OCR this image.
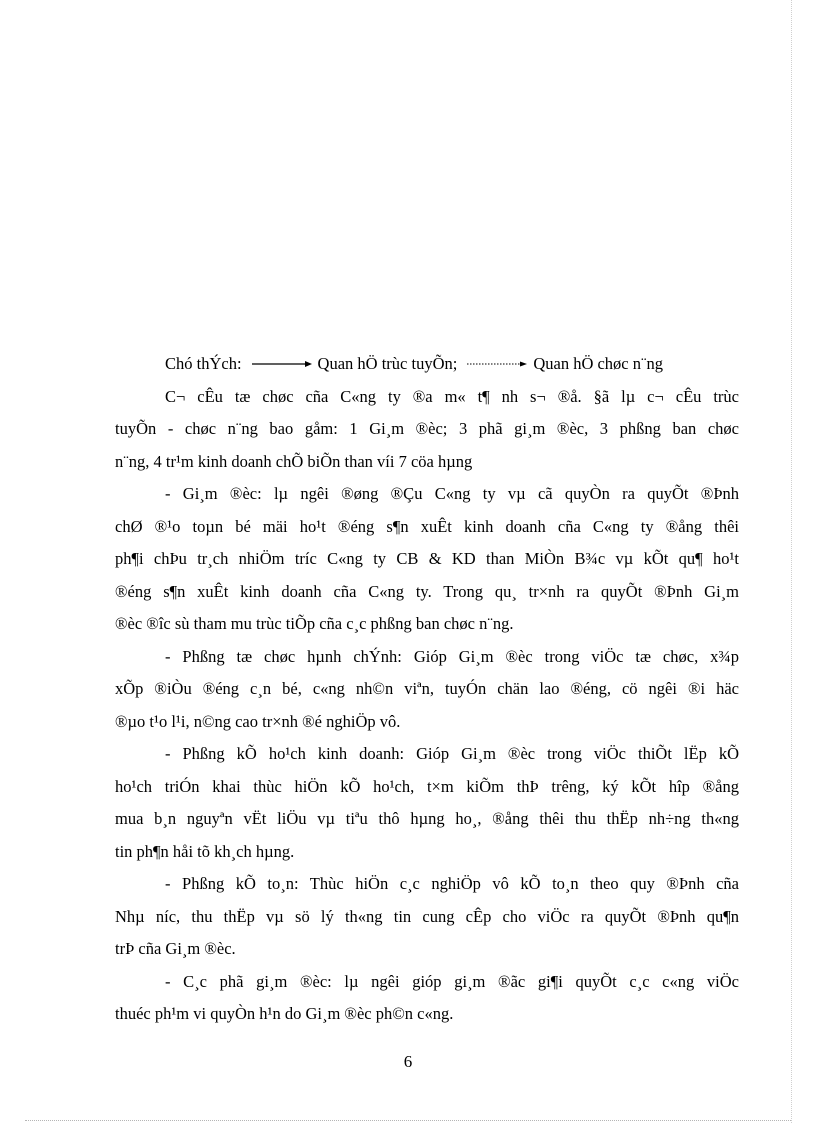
Chó thÝch:	Quan hÖ trùc tuyÕn;	Quan hÖ chøc n¨ng
C¬ cÊu tæ chøc cña C«ng ty ®a m« t¶ nh s¬ ®å. §ã lµ c¬ cÊu trùc
tuyÕn - chøc n¨ng bao gåm: 1 Gi¸m ®èc; 3 phã gi¸m ®èc, 3 phßng ban chøc
n¨ng, 4 tr¹m kinh doanh chÕ biÕn than víi 7 cöa hµng
- Gi¸m ®èc: lµ ngêi ®øng ®Çu C«ng ty vµ cã quyÒn ra quyÕt ®Þnh
chØ ®¹o toµn bé mäi ho¹t ®éng s¶n xuÊt kinh doanh cña C«ng ty ®ång thêi
ph¶i chÞu tr¸ch nhiÖm tríc C«ng ty CB & KD than MiÒn B¾c vµ kÕt qu¶ ho¹t
®éng s¶n xuÊt kinh doanh cña C«ng ty. Trong qu¸ tr×nh ra quyÕt ®Þnh Gi¸m
®èc ®îc sù tham mu trùc tiÕp cña c¸c phßng ban chøc n¨ng.
- Phßng tæ chøc hµnh chÝnh: Gióp Gi¸m ®èc trong viÖc tæ chøc, x¾p
xÕp ®iÒu ®éng c¸n bé, c«ng nh©n viªn, tuyÓn chän lao ®éng, cö ngêi ®i häc
®µo t¹o l¹i, n©ng cao tr×nh ®é nghiÖp vô.
- Phßng kÕ ho¹ch kinh doanh: Gióp Gi¸m ®èc trong viÖc thiÕt lËp kÕ
ho¹ch triÓn khai thùc hiÖn kÕ ho¹ch, t×m kiÕm thÞ trêng, ký kÕt hîp ®ång
mua b¸n nguyªn vËt liÖu vµ tiªu thô hµng ho¸, ®ång thêi thu thËp nh÷ng th«ng
tin ph¶n håi tõ kh¸ch hµng.
- Phßng kÕ to¸n: Thùc hiÖn c¸c nghiÖp vô kÕ to¸n theo quy ®Þnh cña
Nhµ níc, thu thËp vµ sö lý th«ng tin cung cÊp cho viÖc ra quyÕt ®Þnh qu¶n
trÞ cña Gi¸m ®èc.
- C¸c phã gi¸m ®èc: lµ ngêi gióp gi¸m ®ãc gi¶i quyÕt c¸c c«ng viÖc
thuéc ph¹m vi quyÒn h¹n do Gi¸m ®èc ph©n c«ng.
6
